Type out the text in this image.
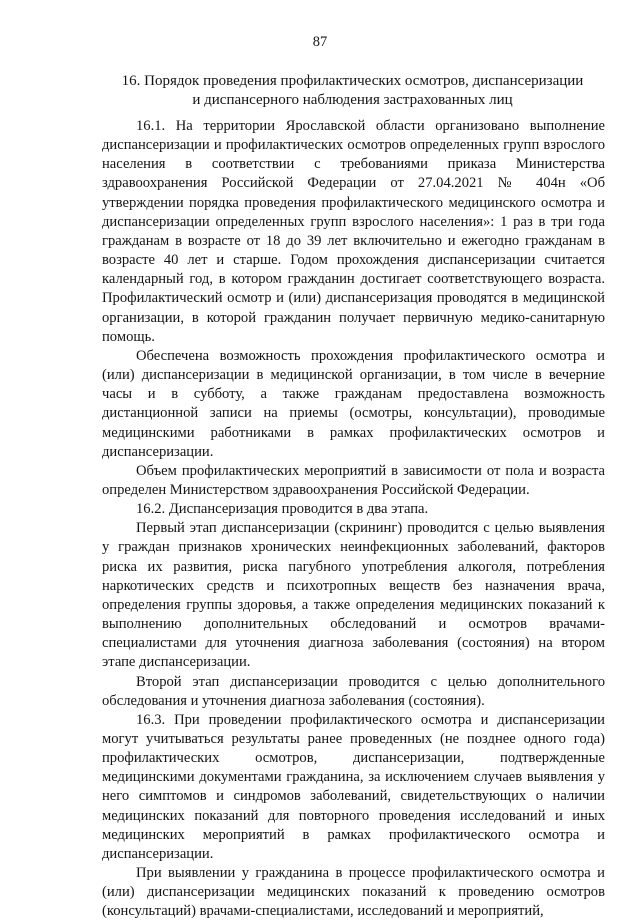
87
16. Порядок проведения профилактических осмотров, диспансеризации
и диспансерного наблюдения застрахованных лиц

16.1. На территории Ярославской области организовано выполнение диспансеризации и профилактических осмотров определенных групп взрослого населения в соответствии с требованиями приказа Министерства здравоохранения Российской Федерации от 27.04.2021 № 404н «Об утверждении порядка проведения профилактического медицинского осмотра и диспансеризации определенных групп взрослого населения»: 1 раз в три года гражданам в возрасте от 18 до 39 лет включительно и ежегодно гражданам в возрасте 40 лет и старше. Годом прохождения диспансеризации считается календарный год, в котором гражданин достигает соответствующего возраста. Профилактический осмотр и (или) диспансеризация проводятся в медицинской организации, в которой гражданин получает первичную медико-санитарную помощь.

Обеспечена возможность прохождения профилактического осмотра и (или) диспансеризации в медицинской организации, в том числе в вечерние часы и в субботу, а также гражданам предоставлена возможность дистанционной записи на приемы (осмотры, консультации), проводимые медицинскими работниками в рамках профилактических осмотров и диспансеризации.

Объем профилактических мероприятий в зависимости от пола и возраста определен Министерством здравоохранения Российской Федерации.

16.2. Диспансеризация проводится в два этапа.

Первый этап диспансеризации (скрининг) проводится с целью выявления у граждан признаков хронических неинфекционных заболеваний, факторов риска их развития, риска пагубного употребления алкоголя, потребления наркотических средств и психотропных веществ без назначения врача, определения группы здоровья, а также определения медицинских показаний к выполнению дополнительных обследований и осмотров врачами-специалистами для уточнения диагноза заболевания (состояния) на втором этапе диспансеризации.

Второй этап диспансеризации проводится с целью дополнительного обследования и уточнения диагноза заболевания (состояния).

16.3. При проведении профилактического осмотра и диспансеризации могут учитываться результаты ранее проведенных (не позднее одного года) профилактических осмотров, диспансеризации, подтвержденные медицинскими документами гражданина, за исключением случаев выявления у него симптомов и синдромов заболеваний, свидетельствующих о наличии медицинских показаний для повторного проведения исследований и иных медицинских мероприятий в рамках профилактического осмотра и диспансеризации.

При выявлении у гражданина в процессе профилактического осмотра и (или) диспансеризации медицинских показаний к проведению осмотров (консультаций) врачами-специалистами, исследований и мероприятий,
